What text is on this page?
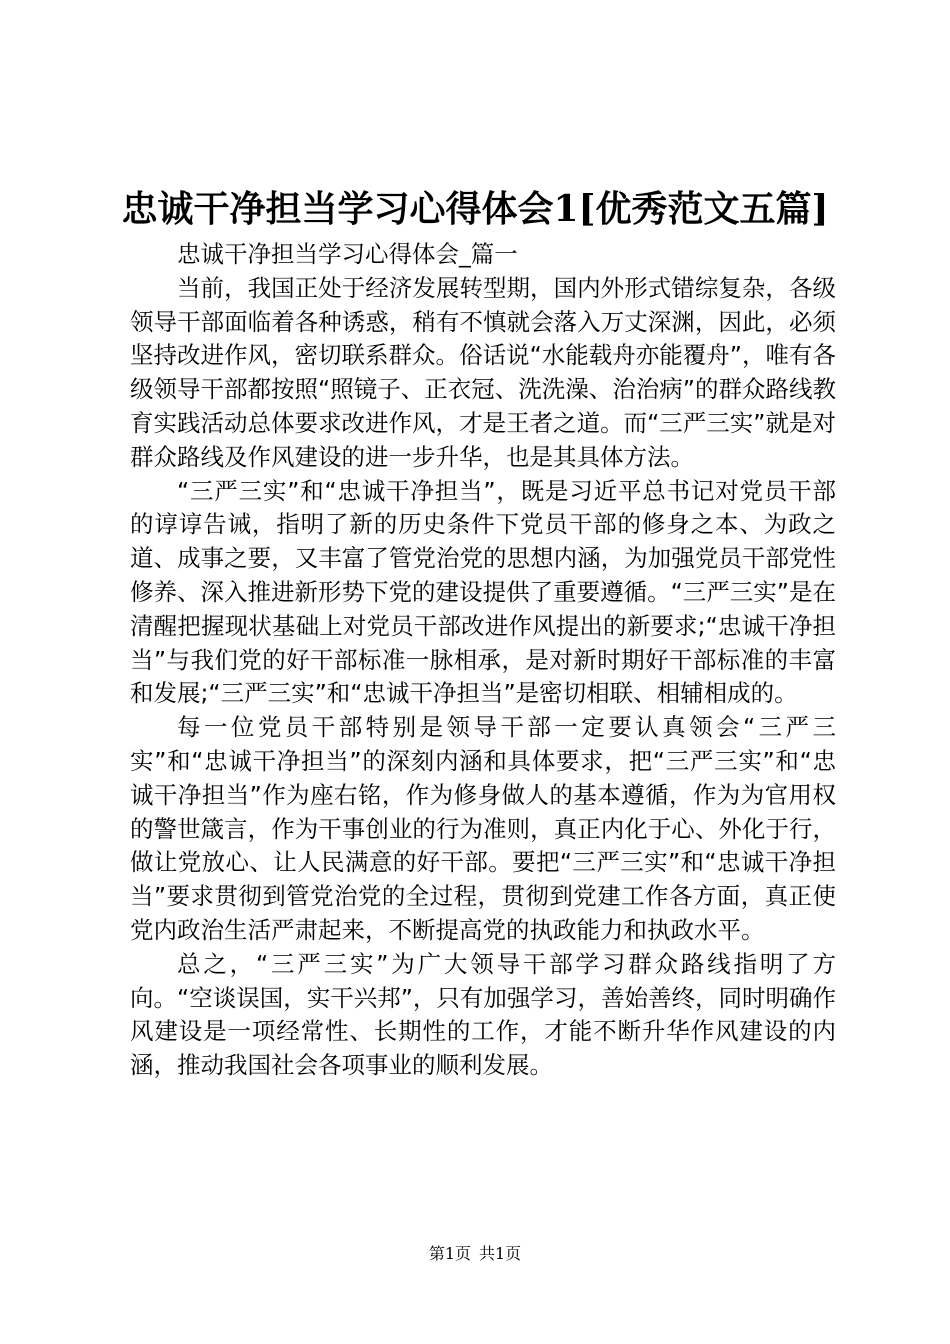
忠诚干净担当学习心得体会1[优秀范文五篇]

忠诚干净担当学习心得体会_篇一

当前，我国正处于经济发展转型期，国内外形式错综复杂，各级领导干部面临着各种诱惑，稍有不慎就会落入万丈深渊，因此，必须坚持改进作风，密切联系群众。俗话说“水能载舟亦能覆舟”，唯有各级领导干部都按照“照镜子、正衣冠、洗洗澡、治治病”的群众路线教育实践活动总体要求改进作风，才是王者之道。而“三严三实”就是对群众路线及作风建设的进一步升华，也是其具体方法。

“三严三实”和“忠诚干净担当”，既是习近平总书记对党员干部的谆谆告诫，指明了新的历史条件下党员干部的修身之本、为政之道、成事之要，又丰富了管党治党的思想内涵，为加强党员干部党性修养、深入推进新形势下党的建设提供了重要遵循。“三严三实”是在清醒把握现状基础上对党员干部改进作风提出的新要求;“忠诚干净担当”与我们党的好干部标准一脉相承，是对新时期好干部标准的丰富和发展;“三严三实”和“忠诚干净担当”是密切相联、相辅相成的。

每一位党员干部特别是领导干部一定要认真领会“三严三实”和“忠诚干净担当”的深刻内涵和具体要求，把“三严三实”和“忠诚干净担当”作为座右铭，作为修身做人的基本遵循，作为为官用权的警世箴言，作为干事创业的行为准则，真正内化于心、外化于行，做让党放心、让人民满意的好干部。要把“三严三实”和“忠诚干净担当”要求贯彻到管党治党的全过程，贯彻到党建工作各方面，真正使党内政治生活严肃起来，不断提高党的执政能力和执政水平。

总之，“三严三实”为广大领导干部学习群众路线指明了方向。“空谈误国，实干兴邦”，只有加强学习，善始善终，同时明确作风建设是一项经常性、长期性的工作，才能不断升华作风建设的内涵，推动我国社会各项事业的顺利发展。

第1页 共1页
